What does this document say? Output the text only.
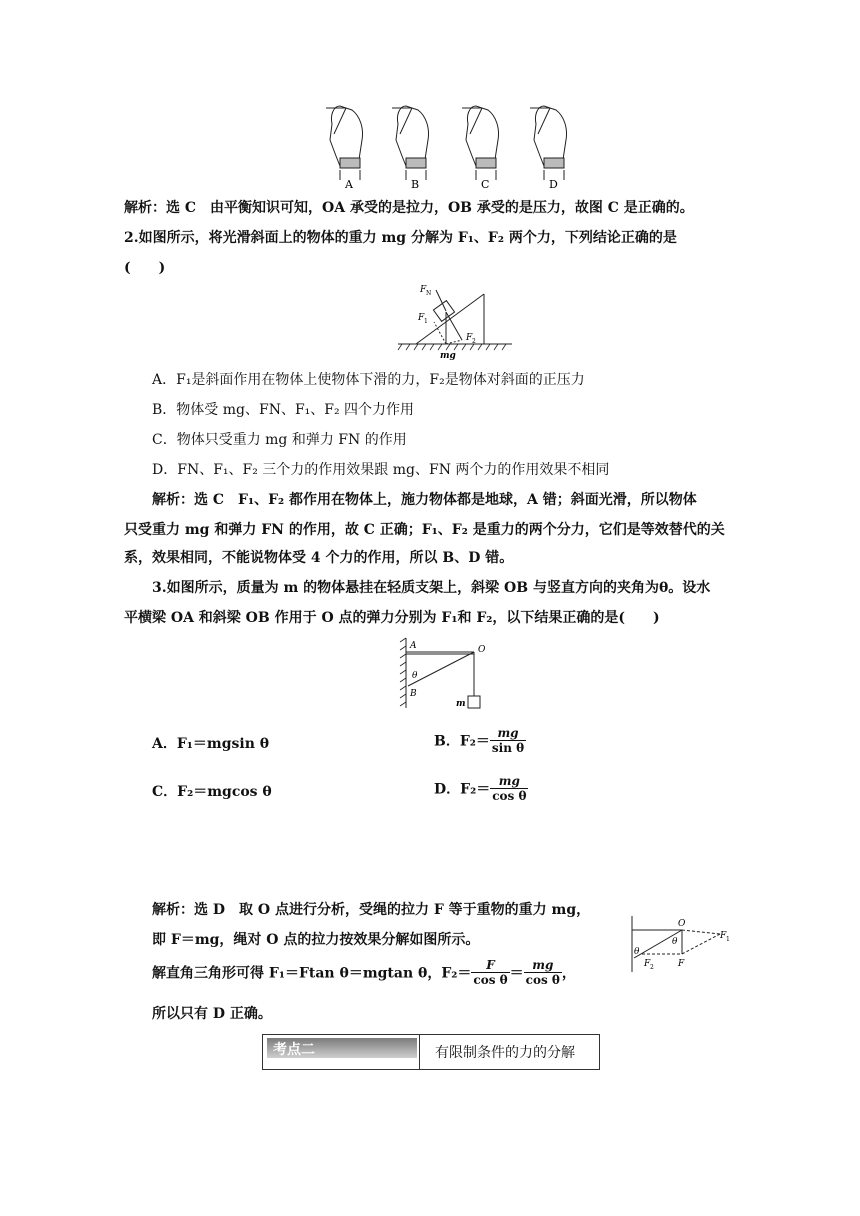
A	B	C	D
解析：选 C　 由平衡知识可知，OA 承受的是拉力，OB 承受的是压力，故图 C 是正确的。
2.如图所示，将光滑斜面上的物体的重力 mg 分解为 F₁、F₂ 两个力，下列结论正确的是
(　　)
F N
F 1
F 2
mg
A．F₁是斜面作用在物体上使物体下滑的力，F₂是物体对斜面的正压力
B．物体受 mg、FN、F₁、F₂ 四个力作用
C．物体只受重力 mg 和弹力 FN 的作用
D．FN、F₁、F₂ 三个力的作用效果跟 mg、FN 两个力的作用效果不相同
解析：选 C　 F₁、F₂ 都作用在物体上，施力物体都是地球，A 错；斜面光滑，所以物体
只受重力 mg 和弹力 FN 的作用，故 C 正确；F₁、F₂ 是重力的两个分力，它们是等效替代的关
系，效果相同，不能说物体受 4 个力的作用，所以 B、D 错。
3.如图所示，质量为 m 的物体悬挂在轻质支架上，斜梁 OB 与竖直方向的夹角为θ。设水
平横梁 OA 和斜梁 OB 作用于 O 点的弹力分别为 F₁和 F₂，以下结果正确的是(　　)
A	O
B
θ
m
A．F₁＝mgsin θ	B．$F_2= \frac{mg}{\text{sin θ}}$
C．F₂＝mgcos θ	D．$F_2= \frac{mg}{\text{cos θ}}$
解析：选 D　 取 O 点进行分析，受绳的拉力 F 等于重物的重力 mg，
即 F＝mg，绳对 O 点的拉力按效果分解如图所示。
解直角三角形可得 F₁＝Ftan θ＝mgtan θ，$F_2= \frac{F}{\text{cos θ}} = \frac{mg}{\text{cos θ}}$ ，
所以只有 D 正确。
O
θ
θ
F 1
F 2	F
考点二	有限制条件的力的分解
